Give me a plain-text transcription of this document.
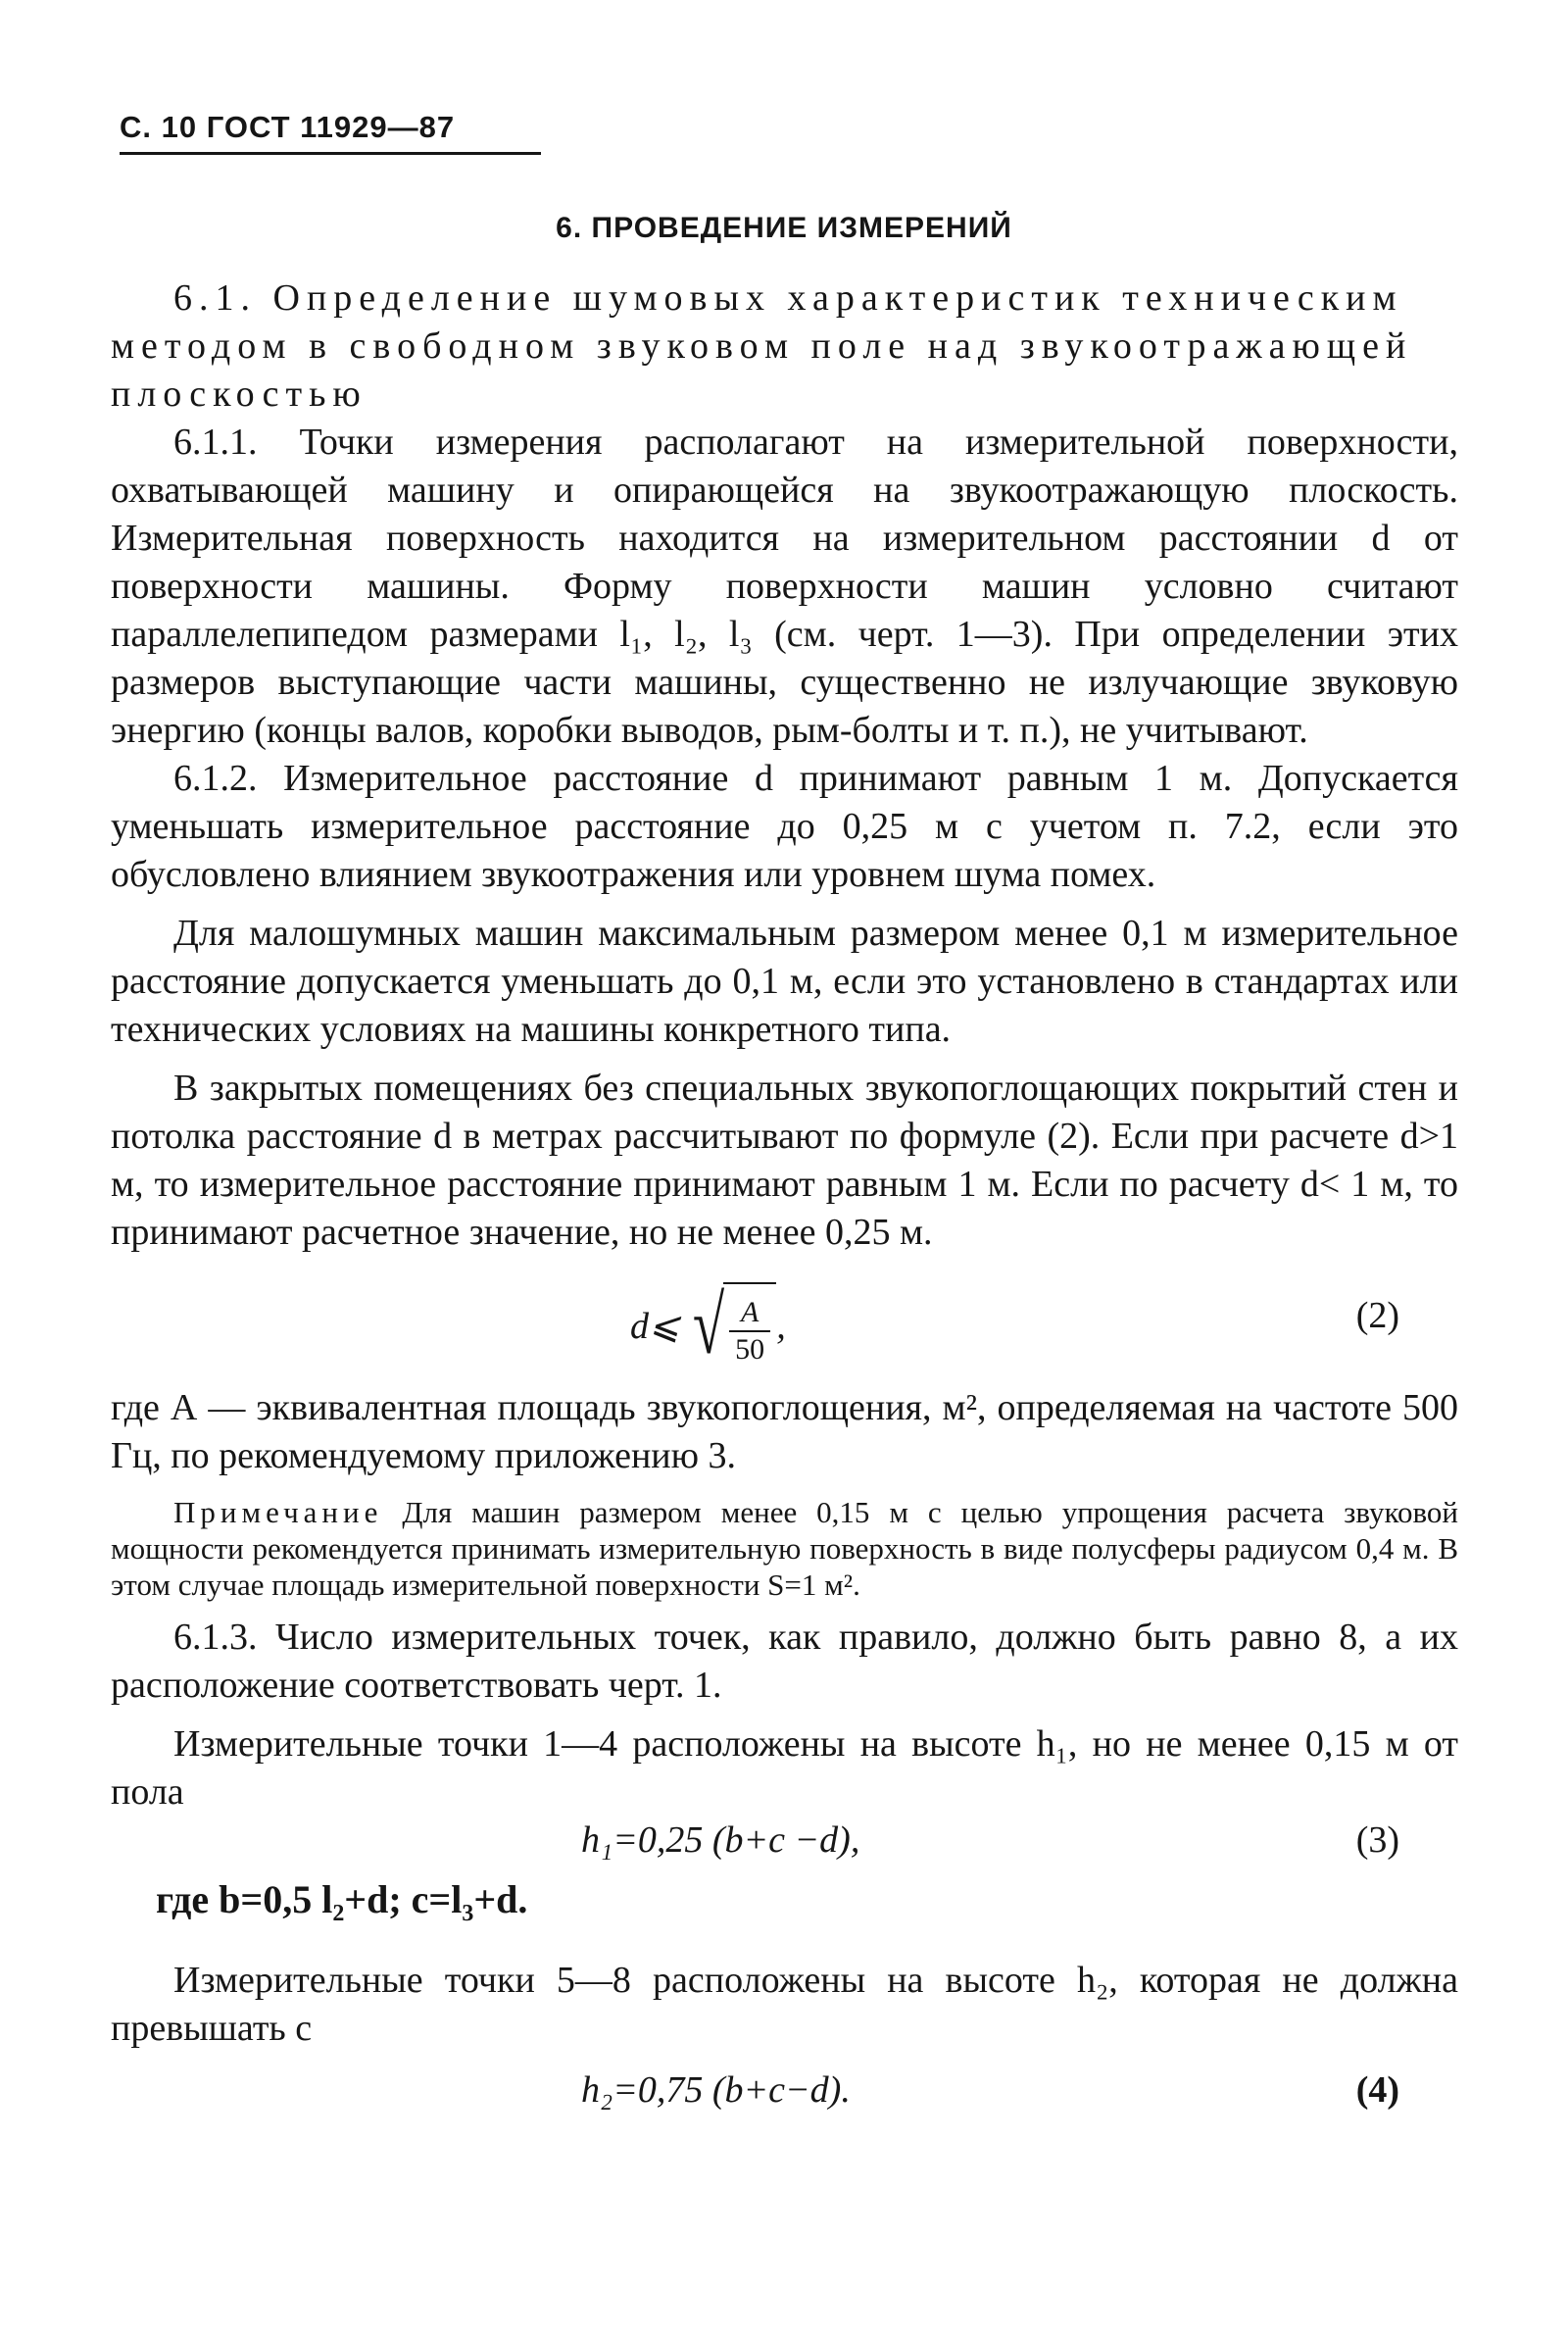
С. 10 ГОСТ 11929—87
6. ПРОВЕДЕНИЕ ИЗМЕРЕНИЙ

6.1. Определение шумовых характеристик техническим методом в свободном звуковом поле над звукоотражающей плоскостью

6.1.1. Точки измерения располагают на измерительной поверхности, охватывающей машину и опирающейся на звукоотражающую плоскость. Измерительная поверхность находится на измерительном расстоянии d от поверхности машины. Форму поверхности машин условно считают параллелепипедом размерами l₁, l₂, l₃ (см. черт. 1—3). При определении этих размеров выступающие части машины, существенно не излучающие звуковую энергию (концы валов, коробки выводов, рым-болты и т. п.), не учитывают.

6.1.2. Измерительное расстояние d принимают равным 1 м. Допускается уменьшать измерительное расстояние до 0,25 м с учетом п. 7.2, если это обусловлено влиянием звукоотражения или уровнем шума помех.

Для малошумных машин максимальным размером менее 0,1 м измерительное расстояние допускается уменьшать до 0,1 м, если это установлено в стандартах или технических условиях на машины конкретного типа.

В закрытых помещениях без специальных звукопоглощающих покрытий стен и потолка расстояние d в метрах рассчитывают по формуле (2). Если при расчете d>1 м, то измерительное расстояние принимают равным 1 м. Если по расчету d< 1 м, то принимают расчетное значение, но не менее 0,25 м.

d⩽ √ $\frac{A}{50}$ ,	(2)

где А — эквивалентная площадь звукопоглощения, м², определяемая на частоте 500 Гц, по рекомендуемому приложению 3.

Примечание Для машин размером менее 0,15 м с целью упрощения расчета звуковой мощности рекомендуется принимать измерительную поверхность в виде полусферы радиусом 0,4 м. В этом случае площадь измерительной поверхности S=1 м².

6.1.3. Число измерительных точек, как правило, должно быть равно 8, а их расположение соответствовать черт. 1.

Измерительные точки 1—4 расположены на высоте h₁, но не менее 0,15 м от пола

h₁=0,25 (b+c −d),	(3)

где b=0,5 l₂+d; c=l₃+d.

Измерительные точки 5—8 расположены на высоте h₂, которая не должна превышать c

h₂=0,75 (b+c−d).	(4)
